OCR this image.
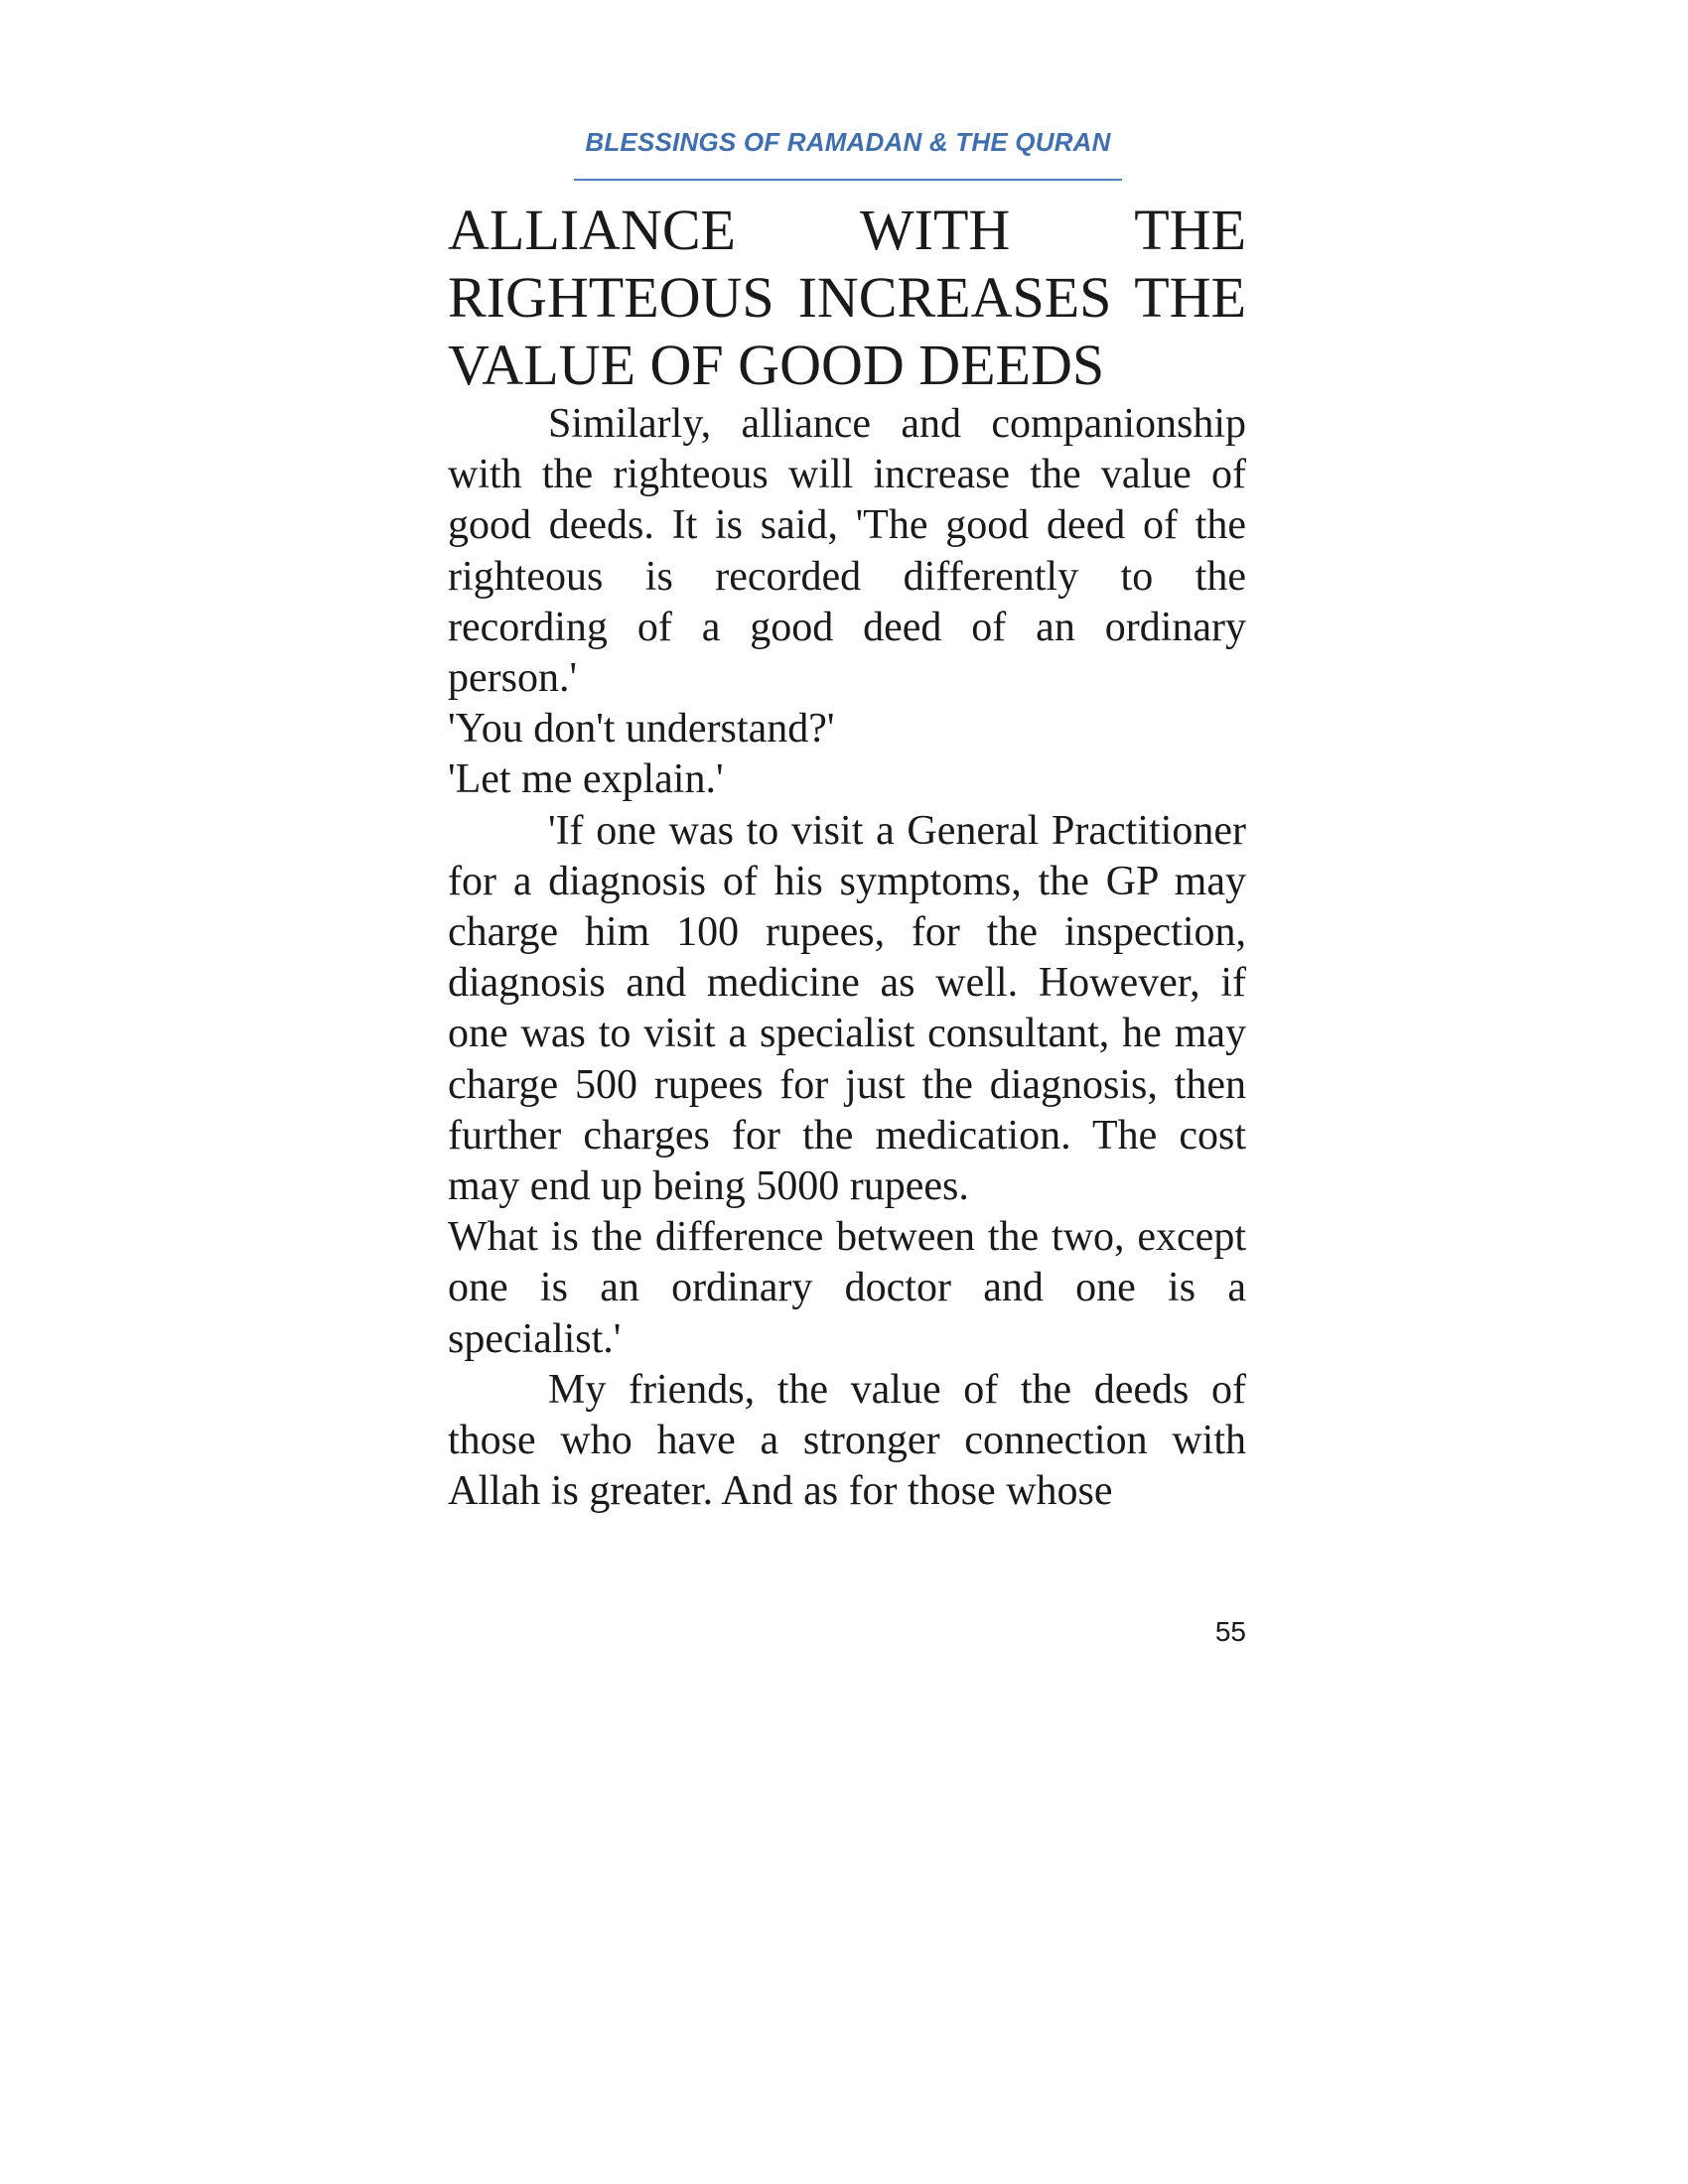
BLESSINGS OF RAMADAN & THE QURAN
ALLIANCE WITH THE
RIGHTEOUS INCREASES THE
VALUE OF GOOD DEEDS

Similarly, alliance and companionship with the righteous will increase the value of good deeds. It is said, 'The good deed of the righteous is recorded differently to the recording of a good deed of an ordinary person.'

'You don't understand?'

'Let me explain.'

'If one was to visit a General Practitioner for a diagnosis of his symptoms, the GP may charge him 100 rupees, for the inspection, diagnosis and medicine as well. However, if one was to visit a specialist consultant, he may charge 500 rupees for just the diagnosis, then further charges for the medication. The cost may end up being 5000 rupees.

What is the difference between the two, except one is an ordinary doctor and one is a specialist.'

My friends, the value of the deeds of those who have a stronger connection with Allah is greater. And as for those whose

55
